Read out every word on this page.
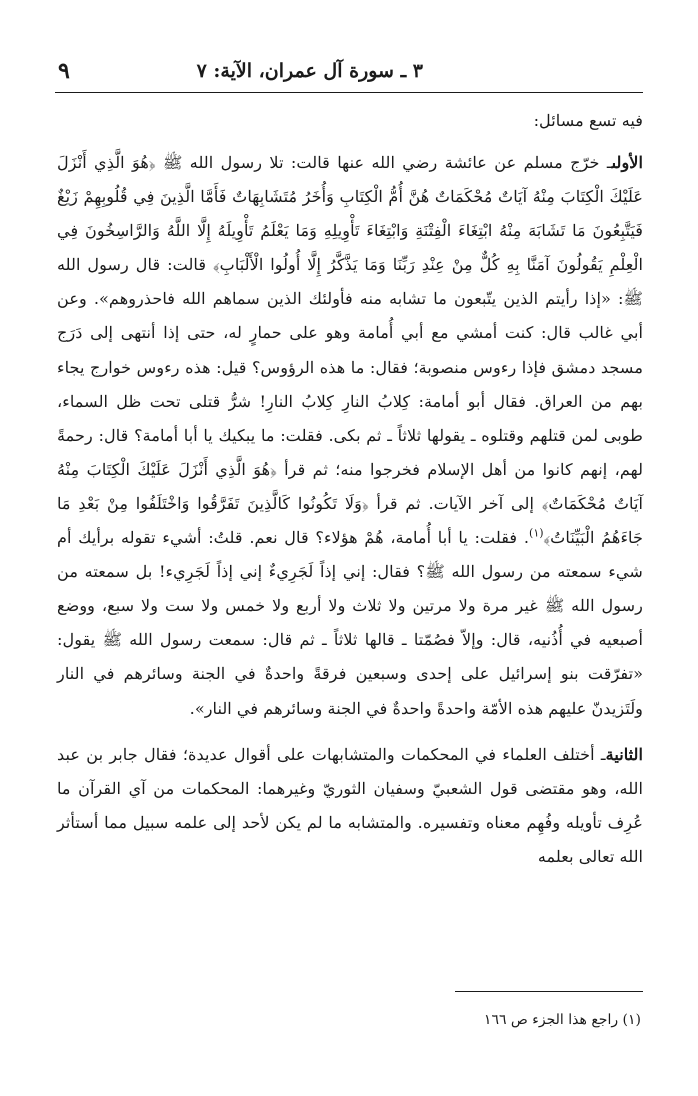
٣ ـ سورة آل عمران، الآية: ٧
٩

فيه تسع مسائل:

الأولىـ خرّج مسلم عن عائشة رضي الله عنها قالت: تلا رسول الله ﷺ ﴿هُوَ الَّذِي أَنْزَلَ عَلَيْكَ الْكِتَابَ مِنْهُ آيَاتٌ مُحْكَمَاتٌ هُنَّ أُمُّ الْكِتَابِ وَأُخَرُ مُتَشَابِهَاتٌ فَأَمَّا الَّذِينَ فِي قُلُوبِهِمْ زَيْغٌ فَيَتَّبِعُونَ مَا تَشَابَهَ مِنْهُ ابْتِغَاءَ الْفِتْنَةِ وَابْتِغَاءَ تَأْوِيلِهِ وَمَا يَعْلَمُ تَأْوِيلَهُ إِلَّا اللَّهُ وَالرَّاسِخُونَ فِي الْعِلْمِ يَقُولُونَ آمَنَّا بِهِ كُلٌّ مِنْ عِنْدِ رَبِّنَا وَمَا يَذَّكَّرُ إِلَّا أُولُوا الْأَلْبَابِ﴾ قالت: قال رسول الله ﷺ: «إذا رأيتم الذين يتّبعون ما تشابه منه فأولئك الذين سماهم الله فاحذروهم». وعن أبي غالب قال: كنت أمشي مع أبي أُمامة وهو على حمارٍ له، حتى إذا أنتهى إلى دَرَج مسجد دمشق فإذا رءوس منصوبة؛ فقال: ما هذه الرؤوس؟ قيل: هذه رءوس خوارج يجاء بهم من العراق. فقال أبو أمامة: كِلابُ النارِ كِلابُ النارِ! شرُّ قتلى تحت ظل السماء، طوبى لمن قتلهم وقتلوه ـ يقولها ثلاثاً ـ ثم بكى. فقلت: ما يبكيك يا أبا أمامة؟ قال: رحمةً لهم، إنهم كانوا من أهل الإسلام فخرجوا منه؛ ثم قرأ ﴿هُوَ الَّذِي أَنْزَلَ عَلَيْكَ الْكِتَابَ مِنْهُ آيَاتٌ مُحْكَمَاتٌ﴾ إلى آخر الآيات. ثم قرأ ﴿وَلَا تَكُونُوا كَالَّذِينَ تَفَرَّقُوا وَاخْتَلَفُوا مِنْ بَعْدِ مَا جَاءَهُمُ الْبَيِّنَاتُ﴾$^{(١)}$. فقلت: يا أبا أُمامة، هُمْ هؤلاء؟ قال نعم. قلتُ: أشيء تقوله برأيك أم شيء سمعته من رسول الله ﷺ؟ فقال: إني إذاً لَجَرِيءٌ إني إذاً لَجَرِيء! بل سمعته من رسول الله ﷺ غير مرة ولا مرتين ولا ثلاث ولا أربع ولا خمس ولا ست ولا سبع، ووضع أصبعيه في أُذُنيه، قال: وإلاّ فصُمّتا ـ قالها ثلاثاً ـ ثم قال: سمعت رسول الله ﷺ يقول: «تفرّقت بنو إسرائيل على إحدى وسبعين فرقةً واحدةٌ في الجنة وسائرهم في النار ولَتَزيدنّ عليهم هذه الأمّة واحدةً واحدةٌ في الجنة وسائرهم في النار».

الثانيةـ أختلف العلماء في المحكمات والمتشابهات على أقوال عديدة؛ فقال جابر بن عبد الله، وهو مقتضى قول الشعبيّ وسفيان الثوريّ وغيرهما: المحكمات من آي القرآن ما عُرِف تأويله وفُهِم معناه وتفسيره. والمتشابه ما لم يكن لأحد إلى علمه سبيل مما أستأثر الله تعالى بعلمه

(١) راجع هذا الجزء ص ١٦٦
